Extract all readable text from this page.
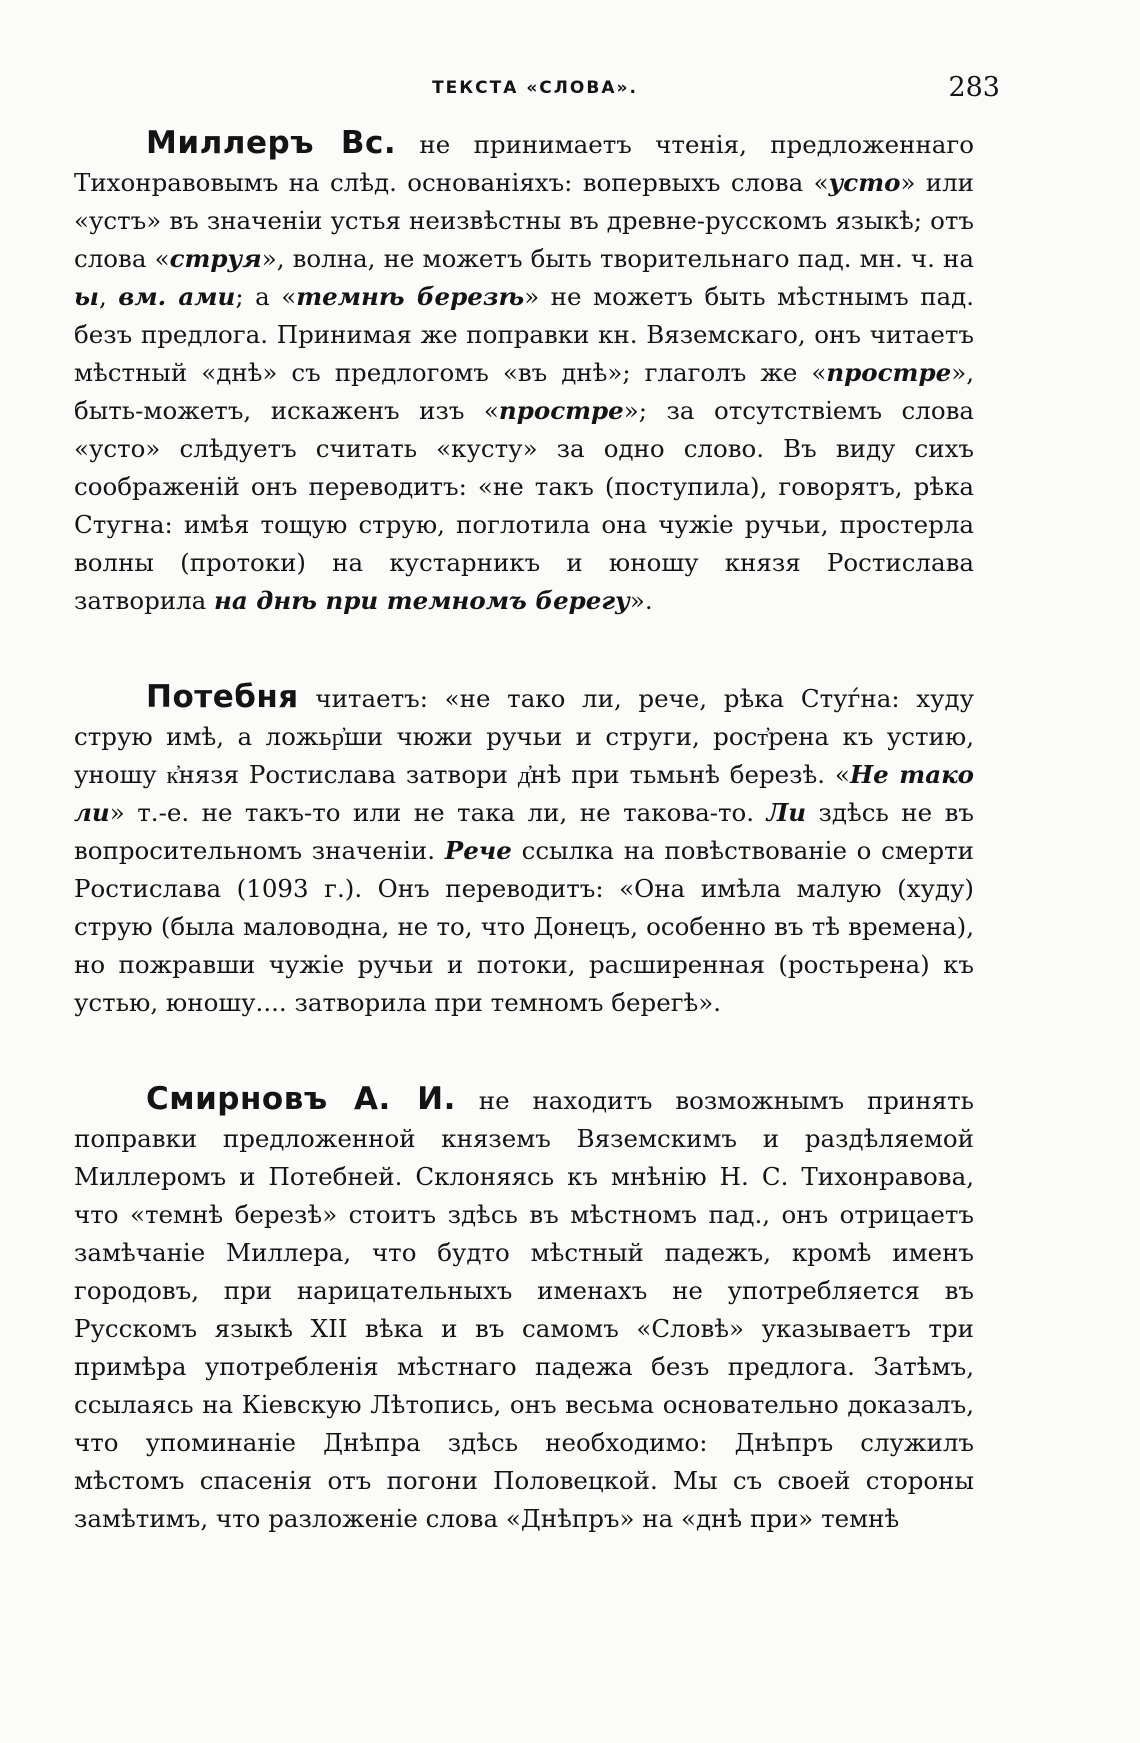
ТЕКСТА «СЛОВА».	283

Миллеръ Вс. не принимаетъ чтенія, предложеннаго Тихонравовымъ на слѣд. основаніяхъ: вопервыхъ слова «усто» или «устъ» въ значеніи устья неизвѣстны въ древне-русскомъ языкѣ; отъ слова «струя», волна, не можетъ быть творительнаго пад. мн. ч. на ы, вм. ами; а «темнѣ березѣ» не можетъ быть мѣстнымъ пад. безъ предлога. Принимая же поправки кн. Вяземскаго, онъ читаетъ мѣстный «днѣ» съ предлогомъ «въ днѣ»; глаголъ же «простре», быть-можетъ, искаженъ изъ «простре»; за отсутствіемъ слова «усто» слѣдуетъ считать «кусту» за одно слово. Въ виду сихъ соображеній онъ переводитъ: «не такъ (поступила), говорятъ, рѣка Стугна: имѣя тощую струю, поглотила она чужіе ручьи, простерла волны (протоки) на кустарникъ и юношу князя Ростислава затворила на днѣ при темномъ берегу».

Потебня читаетъ: «не тако ли, рече, рѣка Стуѓна: худу струю имѣ, а ложьр҆ши чюжи ручьи и струги, рост҆рена къ устию, уношу к҆нязя Ростислава затвори д҆нѣ при тьмьнѣ березѣ. «Не тако ли» т.-е. не такъ-то или не така ли, не такова-то. Ли здѣсь не въ вопросительномъ значеніи. Рече ссылка на повѣствованіе о смерти Ростислава (1093 г.). Онъ переводитъ: «Она имѣла малую (худу) струю (была маловодна, не то, что Донецъ, особенно въ тѣ времена), но пожравши чужіе ручьи и потоки, расширенная (ростьрена) къ устью, юношу.... затворила при темномъ берегѣ».

Смирновъ А. И. не находитъ возможнымъ принять поправки предложенной княземъ Вяземскимъ и раздѣляемой Миллеромъ и Потебней. Склоняясь къ мнѣнію Н. С. Тихонравова, что «темнѣ березѣ» стоитъ здѣсь въ мѣстномъ пад., онъ отрицаетъ замѣчаніе Миллера, что будто мѣстный падежъ, кромѣ именъ городовъ, при нарицательныхъ именахъ не употребляется въ Русскомъ языкѣ XII вѣка и въ самомъ «Словѣ» указываетъ три примѣра употребленія мѣстнаго падежа безъ предлога. Затѣмъ, ссылаясь на Кіевскую Лѣтопись, онъ весьма основательно доказалъ, что упоминаніе Днѣпра здѣсь необходимо: Днѣпръ служилъ мѣстомъ спасенія отъ погони Половецкой. Мы съ своей стороны замѣтимъ, что разложеніе слова «Днѣпръ» на «днѣ при» темнѣ
